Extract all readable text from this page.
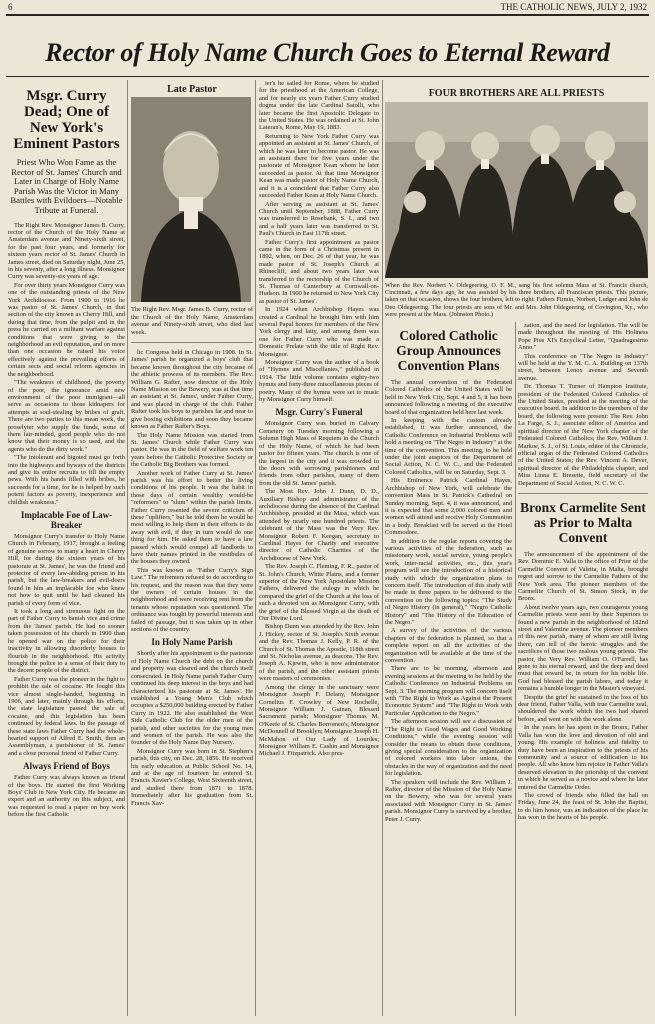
6	THE CATHOLIC NEWS, JULY 2, 1932
Rector of Holy Name Church Goes to Eternal Reward
Msgr. Curry Dead; One of New York's Eminent Pastors
Priest Who Won Fame as the Rector of St. James' Church and Later in Charge of Holy Name Parish Was the Victor in Many Battles with Evildoers—Notable Tribute at Funeral.

The Right Rev. Monsignor James B. Curry, rector of the Church of the Holy Name at Amsterdam avenue and Ninety-sixth street, for the past four years, and formerly for sixteen years rector of St. James' Church in James street, died on Saturday night, June 25, in his seventy, after a long illness. Monsignor Curry was seventy-six years of age.

For over thirty years Monsignor Curry was one of the outstanding priests of the New York Archdiocese. From 1900 to 1916 he was pastor of St. James' Church, in that section of the city known as Cherry Hill, and during that time, from the pulpit and in the press he carried on a militant warfare against conditions that were giving to the neighborhood an evil reputation, and on more than one occasion he raised his voice effectively against the prevailing efforts of certain sects and social reform agencies in the neighborhood.

"The weakness of childhood, the poverty of the poor, the ignorance amid new environment of the poor immigrant—all serve as occasions to those kidnapers for attempts at soul-stealing by bribes of graft. There are two parties to this mean work, the proselyter who supply the funds, some of them fair-minded, good people who do not know that their money is so used, and the agents who do the dirty work."

"The intolerant and bigoted must go forth into the highways and byways of the districts and give its entire recruits to fill the empty pews. With his hands filled with bribes, he succeeds for a time, for he is helped by such potent factors as poverty, inexperience and childish weakness."

Implacable Foe of Law-Breaker

Monsignor Curry's transfer to Holy Name Church in February, 1917, brought a feeling of genuine sorrow to many a heart in Cherry Hill, for during the sixteen years of his pastorate at St. James', he was the friend and protector of every law-abiding person in his parish, but the law-breakers and evil-doers found in him an implacable foe who knew not how to quit until he had cleaned his parish of every form of vice.

It took a long and strenuous fight on the part of Father Curry to banish vice and crime from the 'James' parish. He had no sooner taken possession of his church in 1900 than he opened war on the police for their inactivity in allowing disorderly houses to flourish in the neighborhood. His activity brought the police to a sense of their duty to the decent people of the district.

Father Curry was the pioneer in the fight to prohibit the sale of cocaine. He fought this vice almost single-handed, beginning in 1906, and later, mainly through his efforts, the state legislature passed the sale of cocaine, and this legislation has been continued by federal laws. In the passage of these state laws Father Curry had the whole-hearted support of Alfred E. Smith, then an Assemblyman, a parishioner of St. James' and a close personal friend of Father Curry.

Always Friend of Boys

Father Curry was always known as friend of the boys. He started the first Working Boys' Club in New York City. He became an expert and an authority on this subject, and was requested to read a paper on boy work before the first Catholic

Late Pastor
The Right Rev. Msgr. James B. Curry, rector of the Church of the Holy Name, Amsterdam avenue and Ninety-sixth street, who died last week.

lic Congress held in Chicago in 1908. In St. James' parish he organized a boys' club that became known throughout the city because of the athletic prowess of its members. The Rev. William G. Rafter, now director of the Holy Name Mission on the Bowery, was at that time an assistant at St. James', under Father Curry, and was placed in charge of the club. Father Rafter took his boys to parishes far and near to give boxing exhibitions and soon they became known as Father Rafter's Boys.

The Holy Name Mission was started from St. James' Church while Father Curry was pastor. He was in the field of welfare work ten years before the Catholic Protective Society or the Catholic Big Brothers was formed.

Another work of Father Curry at St. James' parish was his effort to better the living conditions of his people. It was the habit in those days of certain wealthy would-be "reformers" to "slum" within the parish limits. Father Curry resented the severe criticism of these "uplifters," but he told them he would be most willing to help them in their efforts to do away with evil, if they in turn would do one thing for him. He asked them to have a law passed which would compel all landlords to have their names printed in the vestibules of the houses they owned.

This was known as "Father Curry's Sign Law." The reformers refused to do according to his request, and the reason was that they were the owners of certain houses in the neighborhood and were receiving rent from the tenants whose reputation was questioned. The ordinance was fought by powerful interests and failed of passage, but it was taken up in other sections of the country.

In Holy Name Parish

Shortly after his appointment to the pastorate of Holy Name Church the debt on the church and property was cleared and the church itself consecrated. In Holy Name parish Father Curry continued his deep interest in the boys and had characterized his pastorate at St. James'. He established a Young Men's Club which occupies a $250,000 building erected by Father Curry in 1922. He also established the West Side Catholic Club for the older men of the parish, and other societies for the young men and women of the parish. He was also the founder of the Holy Name Day Nursery.

Monsignor Curry was born in St. Stephen's parish, this city, on Dec. 28, 1856. He received his early education at Public School No. 14, and at the age of fourteen he entered St. Francis Xavier's College, West Sixteenth street, and studied there from 1871 to 1878. Immediately after his graduation from St. Francis Xav-

ier's he sailed for Rome, where he studied for the priesthood at the American College, and for nearly six years Father Curry studied dogma under the late Cardinal Satolli, who later became the first Apostolic Delegate to the United States. He was ordained at St. John Lateran's, Rome, May 19, 1883.

Returning to New York Father Curry was appointed an assistant at St. James' Church, of which he was later to become pastor. He was an assistant there for five years under the pastorate of Monsignor Kean whom he later succeeded as pastor. At that time Monsignor Kean was made pastor of Holy Name Church, and it is a coincident that Father Curry also succeeded Father Kean at Holy Name Church.

After serving as assistant at St. James' Church until September, 1888, Father Curry was transferred to Rosebank, S. I., and two and a half years later was transferred to St. Paul's Church in East 117th street.

Father Curry's first appointment as pastor came in the form of a Christmas present in 1892, when, on Dec. 26 of that year, he was made pastor of St. Joseph's Church at Rhinecliff, and about two years later was transferred to the rectorship of the Church of St. Thomas of Canterbury at Cornwall-on-Hudson. In 1900 he returned to New York City as pastor of St. James'.

In 1924 when Archbishop Hayes was created a Cardinal he brought him with him several Papal honors for members of the New York clergy and laity, and among them was one for Father Curry who was made a Domestic Prelate with the title of Right Rev. Monsignor.

Monsignor Curry was the author of a book of "Hymns and Miscellanies," published in 1914. The little volume contains eighty-two hymns and forty-three miscellaneous pieces of poetry. Many of the hymns were set to music by Monsignor Curry himself.

Msgr. Curry's Funeral

Monsignor Curry was buried in Calvary Cemetery on Tuesday morning following a Solemn High Mass of Requiem in the Church of the Holy Name, of which he had been pastor for fifteen years. The church is one of the largest in the city and it was crowded to the doors with sorrowing parishioners and friends from other parishes, many of them from the old St. James' parish.

The Most Rev. John J. Dunn, D. D., Auxiliary Bishop and administrator of the archdiocese during the absence of the Cardinal Archbishop, presided at the Mass, which was attended by nearly one hundred priests. The celebrant of the Mass was the Very Rev. Monsignor Robert F. Keegan, secretary to Cardinal Hayes for Charity and executive director of Catholic Charities of the Archdiocese of New York.

The Rev. Joseph C. Fleming, F. R., pastor of St. John's Church, White Plains, and a former superior of the New York Apostolate Mission Fathers, delivered the eulogy in which he compared the grief of the Church at the loss of such a devoted son as Monsignor Curry, with the grief of the Blessed Virgin at the death of Our Divine Lord.

Bishop Dunn was attended by the Rev. John J. Hickey, rector of St. Joseph's Sixth avenue and the Rev. Thomas J. Kelly, P. R. of the Church of St. Thomas the Apostle, 118th street and St. Nicholas avenue, as deacons. The Rev. Joseph A. Kjewin, who is now administrator of the parish, and the other assistant priests were masters of ceremonies.

Among the clergy in the sanctuary were Monsignor Joseph F. Delany, Monsignor Cornelius F. Crowley of New Rochelle, Monsignor William J. Guinan, Blessed Sacrament parish; Monsignor Thomas M. O'Keefe of St. Charles Borromeo's, Monsignor McDonnell of Brooklyn; Monsignor Joseph H. McMahon of Our Lady of Lourdes; Monsignor William E. Cashin and Monsignor Michael J. Fitzpatrick. Also pres-

FOUR BROTHERS ARE ALL PRIESTS
When the Rev. Norbert V. Oldegeering, O. F. M., sang his first solemn Mass at St. Francis church, Cincinnati, a few days ago, he was assisted by his three brothers, all Franciscan priests. This picture, taken on that occasion, shows the four brothers, left to right: Fathers Firmin, Norbert, Ludger and John de Deo Oldegeering. The four priests are sons of Mr. and Mrs. John Oldegeering, of Covington, Ky., who were present at the Mass. (Johnston Photo.)
Colored Catholic Group Announces Convention Plans

The annual convention of the Federated Colored Catholics of the United States will be held in New York City, Sept. 4 and 5, it has been announced following a meeting of the executive board of that organization held here last week.

In keeping with the custom already established, it was further announced, the Catholic Conference on Industrial Problems will hold a meeting on "The Negro in Industry" at the time of the convention. This meeting, to be held under the joint auspices of the Department of Social Action, N. C. W. C., and the Federated Colored Catholics, will be on Saturday, Sept. 3.

His Eminence Patrick Cardinal Hayes, Archbishop of New York, will celebrate the convention Mass in St. Patrick's Cathedral on Sunday morning, Sept. 4, it was announced, and it is expected that some 2,000 colored men and women will attend and receive Holy Communion in a body. Breakfast will be served at the Hotel Commodore.

In addition to the regular reports covering the various activities of the federation, such as missionary work, social service, young people's work, inter-racial activities, etc., this year's program will see the introduction of a historical study with which the organization plans to concern itself. The introduction of this study will be made in three papers to be delivered to the convention on the following topics: "The Study of Negro History (in general)," "Negro Catholic History" and "The History of the Education of the Negro."

A survey of the activities of the various chapters of the federation is planned, so that a complete report on all the activities of the organization will be available at the time of the convention.

There are to be morning, afternoon and evening sessions at the meeting to be held by the Catholic Conference on Industrial Problems on Sept. 3. The morning program will concern itself with "The Right to Work as Against the Present Economic System" and "The Right to Work with Particular Application to the Negro."

The afternoon session will see a discussion of "The Right to Good Wages and Good Working Conditions," while the evening session will consider the means to obtain those conditions, giving special consideration to the organization of colored workers into labor unions, the obstacles in the way of organization and the need for legislation.

The speakers will include the Rev. William J. Rafter, director of the Mission of the Holy Name on the Bowery, who was for several years associated with Monsignor Curry in St. James' parish. Monsignor Curry is survived by a brother, Peter J. Curry.

zation, and the need for legislation. The will be made throughout the meeting of His Holiness Pope Pius XI's Encyclical Letter, "Quadragesimo Anno."

This conference on "The Negro in Industry" will be held at the Y. M. C. A. Building on 137th street, between Lenox avenue and Seventh avenue.

Dr. Thomas T. Turner of Hampton Institute, president of the Federated Colored Catholics of the United States, presided at the meeting of the executive board. In addition to the members of the board, the following were present: The Rev. John La Farge, S. J., associate editor of America and spiritual director of the New York chapter of the Federated Colored Catholics; the Rev. William J. Markoe, S. J., of St. Louis, editor of the Chronicle, official organ of the Federated Colored Catholics of the United States; the Rev. Vincent A. Dever, spiritual director of the Philadelphia chapter, and Miss Linna E. Bresette, field secretary of the Department of Social Action, N. C. W. C.

Bronx Carmelite Sent as Prior to Malta Convent

The announcement of the appointment of the Rev. Dominic E. Valla to the office of Prior of the Carmelite Convent of Valetta, in Malta, brought regret and sorrow to the Carmelite Fathers of the New York area. The pioneer members of the Carmelite Church of St. Simon Stock, in the Bronx.

About twelve years ago, two courageous young Carmelite priests were sent by their Superiors to found a new parish in the neighborhood of 182nd street and Valentine avenue. The pioneer members of this new parish, many of whom are still living there, can tell of the heroic struggles and the sacrifices of those two zealous young priests. The pastor, the Very Rev. William O. O'Farrell, has gone to his eternal reward, and the deep and deed must that reward be, in return for his noble life. God had blessed the parish labors, and today it remains a humble longer in the Master's vineyard.

Despite the grief he sustained in the loss of his dear friend, Father Valla, with true Carmelite zeal, shouldered the work which the two had shared before, and went on with the work alone.

In the years he has spent in the Bronx, Father Valla has won the love and devotion of old and young. His example of holiness and fidelity to duty have been an inspiration to the priests of his community and a source of edification to his people. All who know him rejoice in Father Valla's deserved elevation to the priorship of the convent in which he served as a novice and where he later entered the Carmelite Order.

The crowd of friends who filled the hall on Friday, June 24, the feast of St. John the Baptist, to do him honor, was an indication of the place he has won in the hearts of his people.
